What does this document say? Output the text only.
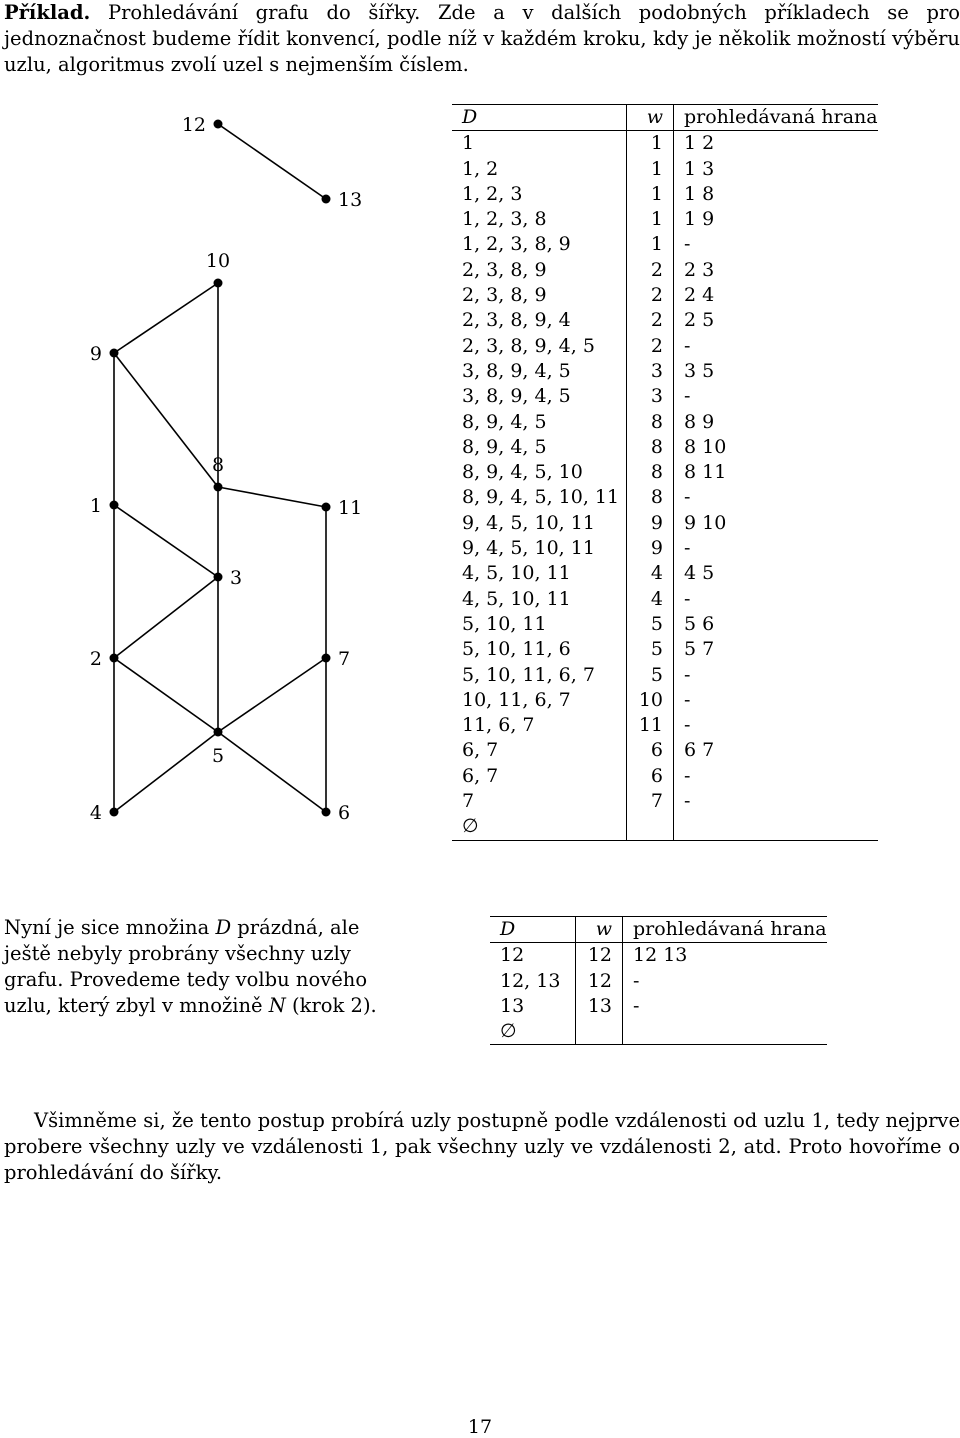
Příklad. Prohledávání grafu do šířky. Zde a v dalších podobných příkladech se pro jednoznačnost budeme řídit konvencí, podle níž v každém kroku, kdy je několik možností výběru uzlu, algoritmus zvolí uzel s nejmenším číslem.

12
13
10
9
8
1	11
3
2	7
5
4	6
D	w	prohledávaná hrana
1	1	1 2
1, 2	1	1 3
1, 2, 3	1	1 8
1, 2, 3, 8	1	1 9
1, 2, 3, 8, 9	1	-
2, 3, 8, 9	2	2 3
2, 3, 8, 9	2	2 4
2, 3, 8, 9, 4	2	2 5
2, 3, 8, 9, 4, 5	2	-
3, 8, 9, 4, 5	3	3 5
3, 8, 9, 4, 5	3	-
8, 9, 4, 5	8	8 9
8, 9, 4, 5	8	8 10
8, 9, 4, 5, 10	8	8 11
8, 9, 4, 5, 10, 11	8	-
9, 4, 5, 10, 11	9	9 10
9, 4, 5, 10, 11	9	-
4, 5, 10, 11	4	4 5
4, 5, 10, 11	4	-
5, 10, 11	5	5 6
5, 10, 11, 6	5	5 7
5, 10, 11, 6, 7	5	-
10, 11, 6, 7	10	-
11, 6, 7	11	-
6, 7	6	6 7
6, 7	6	-
7	7	-
∅		

Nyní je sice množina D prázdná, ale ještě nebyly probrány všechny uzly grafu. Provedeme tedy volbu nového uzlu, který zbyl v množině N (krok 2).

D	w	prohledávaná hrana
12	12	12 13
12, 13	12	-
13	13	-
∅		

Všimněme si, že tento postup probírá uzly postupně podle vzdálenosti od uzlu 1, tedy nejprve probere všechny uzly ve vzdálenosti 1, pak všechny uzly ve vzdálenosti 2, atd. Proto hovoříme o prohledávání do šířky.

17
